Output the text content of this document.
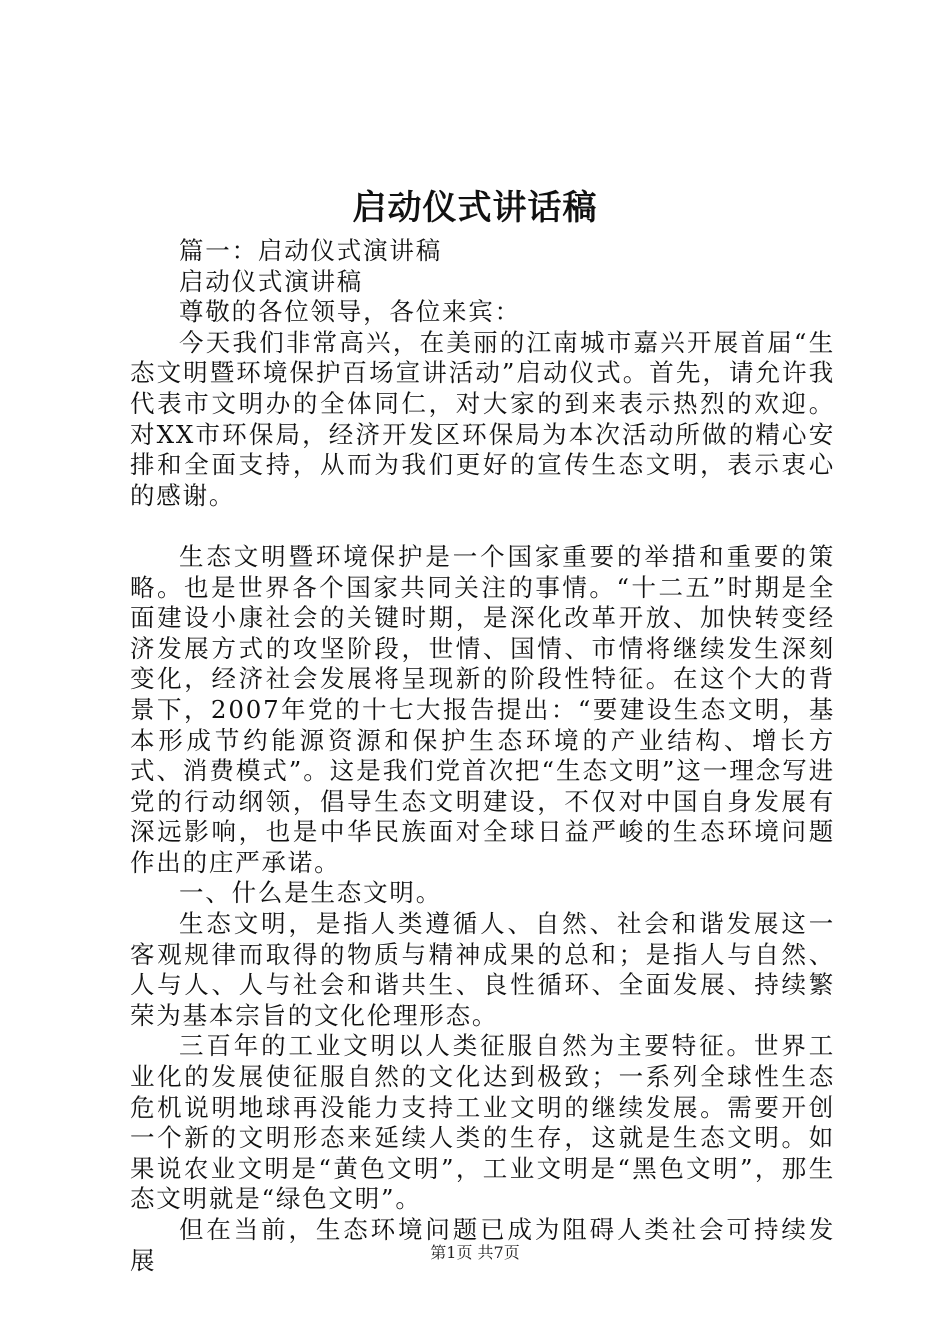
启动仪式讲话稿

篇一：启动仪式演讲稿

启动仪式演讲稿

尊敬的各位领导，各位来宾：

今天我们非常高兴，在美丽的江南城市嘉兴开展首届“生态文明暨环境保护百场宣讲活动”启动仪式。首先，请允许我代表市文明办的全体同仁，对大家的到来表示热烈的欢迎。对XX市环保局，经济开发区环保局为本次活动所做的精心安排和全面支持，从而为我们更好的宣传生态文明，表示衷心的感谢。

生态文明暨环境保护是一个国家重要的举措和重要的策略。也是世界各个国家共同关注的事情。“十二五”时期是全面建设小康社会的关键时期，是深化改革开放、加快转变经济发展方式的攻坚阶段，世情、国情、市情将继续发生深刻变化，经济社会发展将呈现新的阶段性特征。在这个大的背景下，2007年党的十七大报告提出：“要建设生态文明，基本形成节约能源资源和保护生态环境的产业结构、增长方式、消费模式”。这是我们党首次把“生态文明”这一理念写进党的行动纲领，倡导生态文明建设，不仅对中国自身发展有深远影响，也是中华民族面对全球日益严峻的生态环境问题作出的庄严承诺。

一、什么是生态文明。

生态文明，是指人类遵循人、自然、社会和谐发展这一客观规律而取得的物质与精神成果的总和；是指人与自然、人与人、人与社会和谐共生、良性循环、全面发展、持续繁荣为基本宗旨的文化伦理形态。

三百年的工业文明以人类征服自然为主要特征。世界工业化的发展使征服自然的文化达到极致；一系列全球性生态危机说明地球再没能力支持工业文明的继续发展。需要开创一个新的文明形态来延续人类的生存，这就是生态文明。如果说农业文明是“黄色文明”，工业文明是“黑色文明”，那生态文明就是“绿色文明”。

但在当前，生态环境问题已成为阻碍人类社会可持续发展	第1页 共7页
